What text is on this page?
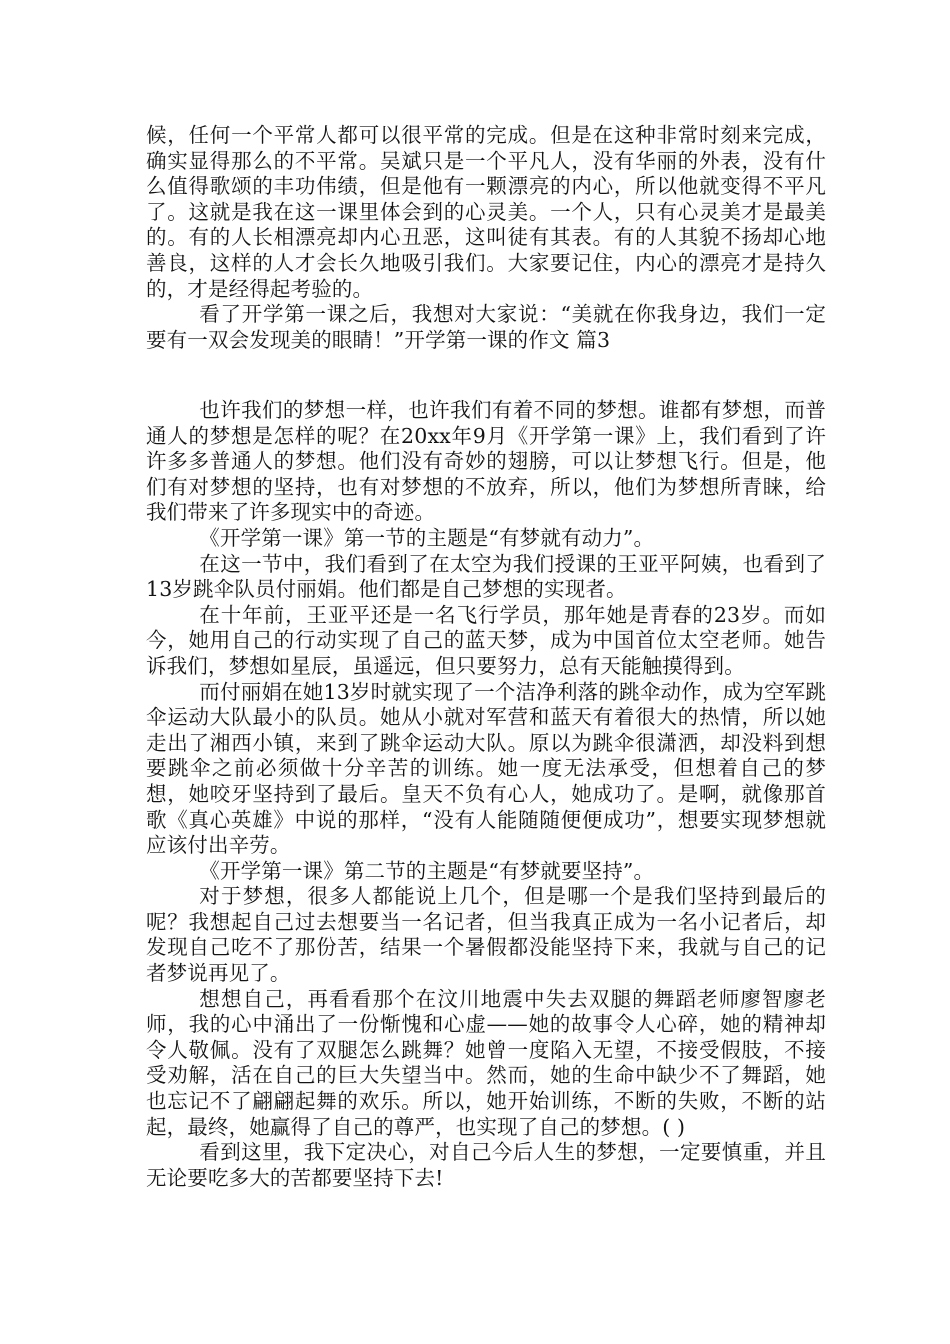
候，任何一个平常人都可以很平常的完成。但是在这种非常时刻来完成，确实显得那么的不平常。吴斌只是一个平凡人，没有华丽的外表，没有什么值得歌颂的丰功伟绩，但是他有一颗漂亮的内心，所以他就变得不平凡了。这就是我在这一课里体会到的心灵美。一个人，只有心灵美才是最美的。有的人长相漂亮却内心丑恶，这叫徒有其表。有的人其貌不扬却心地善良，这样的人才会长久地吸引我们。大家要记住，内心的漂亮才是持久的，才是经得起考验的。

看了开学第一课之后，我想对大家说：“美就在你我身边，我们一定要有一双会发现美的眼睛！”开学第一课的作文 篇3

也许我们的梦想一样，也许我们有着不同的梦想。谁都有梦想，而普通人的梦想是怎样的呢？在20xx年9月《开学第一课》上，我们看到了许许多多普通人的梦想。他们没有奇妙的翅膀，可以让梦想飞行。但是，他们有对梦想的坚持，也有对梦想的不放弃，所以，他们为梦想所青睐，给我们带来了许多现实中的奇迹。

《开学第一课》第一节的主题是“有梦就有动力”。

在这一节中，我们看到了在太空为我们授课的王亚平阿姨，也看到了13岁跳伞队员付丽娟。他们都是自己梦想的实现者。

在十年前，王亚平还是一名飞行学员，那年她是青春的23岁。而如今，她用自己的行动实现了自己的蓝天梦，成为中国首位太空老师。她告诉我们，梦想如星辰，虽遥远，但只要努力，总有天能触摸得到。

而付丽娟在她13岁时就实现了一个洁净利落的跳伞动作，成为空军跳伞运动大队最小的队员。她从小就对军营和蓝天有着很大的热情，所以她走出了湘西小镇，来到了跳伞运动大队。原以为跳伞很潇洒，却没料到想要跳伞之前必须做十分辛苦的训练。她一度无法承受，但想着自己的梦想，她咬牙坚持到了最后。皇天不负有心人，她成功了。是啊，就像那首歌《真心英雄》中说的那样，“没有人能随随便便成功”，想要实现梦想就应该付出辛劳。

《开学第一课》第二节的主题是“有梦就要坚持”。

对于梦想，很多人都能说上几个，但是哪一个是我们坚持到最后的呢？我想起自己过去想要当一名记者，但当我真正成为一名小记者后，却发现自己吃不了那份苦，结果一个暑假都没能坚持下来，我就与自己的记者梦说再见了。

想想自己，再看看那个在汶川地震中失去双腿的舞蹈老师廖智廖老师，我的心中涌出了一份惭愧和心虚——她的故事令人心碎，她的精神却令人敬佩。没有了双腿怎么跳舞？她曾一度陷入无望，不接受假肢，不接受劝解，活在自己的巨大失望当中。然而，她的生命中缺少不了舞蹈，她也忘记不了翩翩起舞的欢乐。所以，她开始训练，不断的失败，不断的站起，最终，她赢得了自己的尊严，也实现了自己的梦想。( )

看到这里，我下定决心，对自己今后人生的梦想，一定要慎重，并且无论要吃多大的苦都要坚持下去!
